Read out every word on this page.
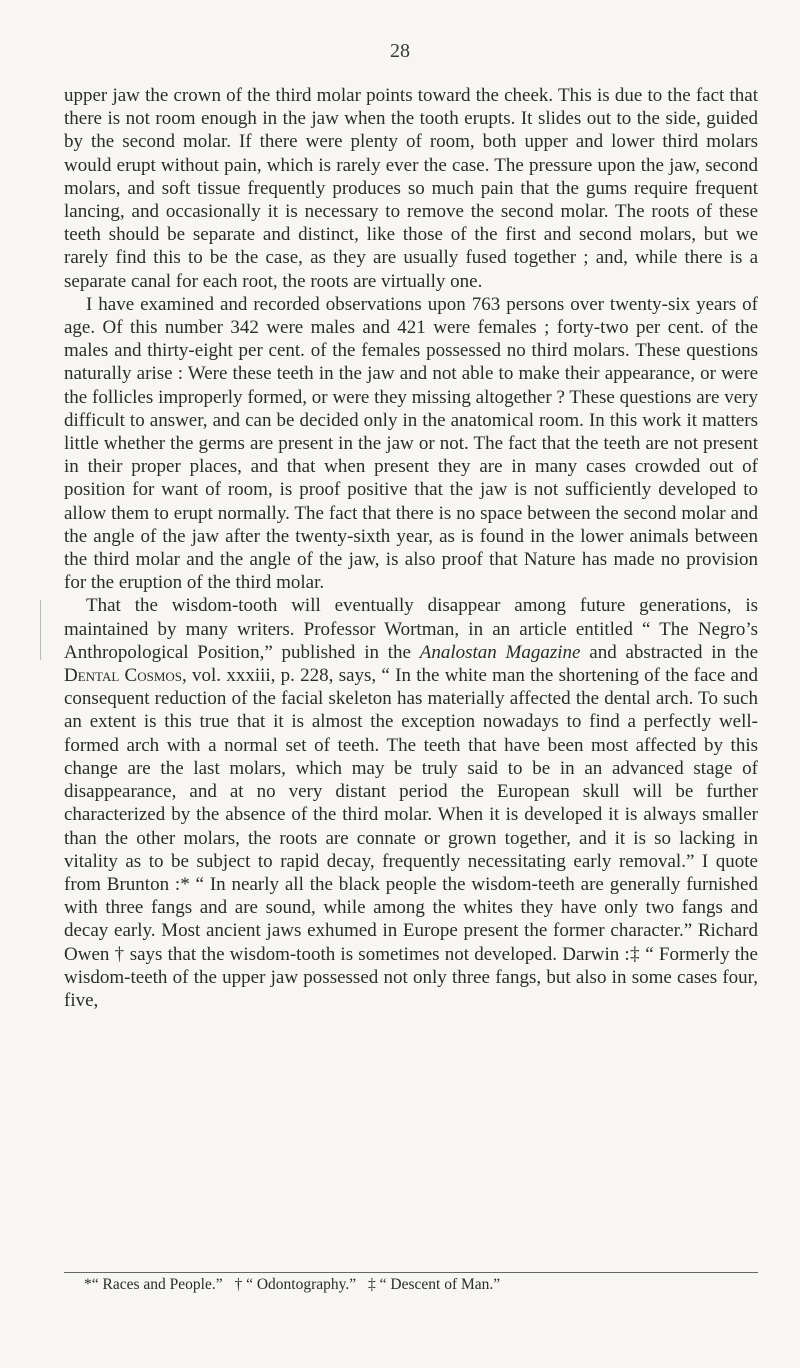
28

upper jaw the crown of the third molar points toward the cheek. This is due to the fact that there is not room enough in the jaw when the tooth erupts. It slides out to the side, guided by the second molar. If there were plenty of room, both upper and lower third molars would erupt without pain, which is rarely ever the case. The pressure upon the jaw, second molars, and soft tissue frequently produces so much pain that the gums require frequent lancing, and occasionally it is necessary to remove the second molar. The roots of these teeth should be separate and distinct, like those of the first and second molars, but we rarely find this to be the case, as they are usually fused together ; and, while there is a separate canal for each root, the roots are virtually one.

I have examined and recorded observations upon 763 persons over twenty-six years of age. Of this number 342 were males and 421 were females ; forty-two per cent. of the males and thirty-eight per cent. of the females possessed no third molars. These questions naturally arise : Were these teeth in the jaw and not able to make their appearance, or were the follicles improperly formed, or were they missing altogether ? These questions are very difficult to answer, and can be decided only in the anatomical room. In this work it matters little whether the germs are present in the jaw or not. The fact that the teeth are not present in their proper places, and that when present they are in many cases crowded out of position for want of room, is proof positive that the jaw is not sufficiently developed to allow them to erupt normally. The fact that there is no space between the second molar and the angle of the jaw after the twenty-sixth year, as is found in the lower animals between the third molar and the angle of the jaw, is also proof that Nature has made no provision for the eruption of the third molar.

That the wisdom-tooth will eventually disappear among future generations, is maintained by many writers. Professor Wortman, in an article entitled “ The Negro’s Anthropological Position,” published in the Analostan Magazine and abstracted in the Dental Cosmos, vol. xxxiii, p. 228, says, “ In the white man the shortening of the face and consequent reduction of the facial skeleton has materially affected the dental arch. To such an extent is this true that it is almost the exception nowadays to find a perfectly well-formed arch with a normal set of teeth. The teeth that have been most affected by this change are the last molars, which may be truly said to be in an advanced stage of disappearance, and at no very distant period the European skull will be further characterized by the absence of the third molar. When it is developed it is always smaller than the other molars, the roots are connate or grown together, and it is so lacking in vitality as to be subject to rapid decay, frequently necessitating early removal.” I quote from Brunton :* “ In nearly all the black people the wisdom-teeth are generally furnished with three fangs and are sound, while among the whites they have only two fangs and decay early. Most ancient jaws exhumed in Europe present the former character.” Richard Owen † says that the wisdom-tooth is sometimes not developed. Darwin :‡ “ Formerly the wisdom-teeth of the upper jaw possessed not only three fangs, but also in some cases four, five,

*“ Races and People.” † “ Odontography.” ‡ “ Descent of Man.”
